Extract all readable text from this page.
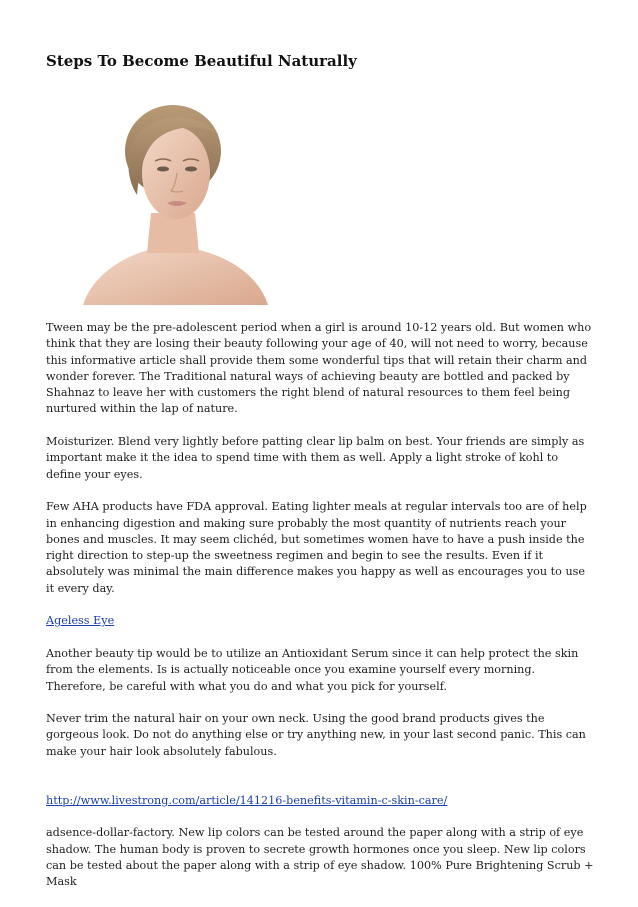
Steps To Become Beautiful Naturally

Tween may be the pre-adolescent period when a girl is around 10-12 years old. But women who think that they are losing their beauty following your age of 40, will not need to worry, because this informative article shall provide them some wonderful tips that will retain their charm and wonder forever. The Traditional natural ways of achieving beauty are bottled and packed by Shahnaz to leave her with customers the right blend of natural resources to them feel being nurtured within the lap of nature.

Moisturizer. Blend very lightly before patting clear lip balm on best. Your friends are simply as important make it the idea to spend time with them as well. Apply a light stroke of kohl to define your eyes.

Few AHA products have FDA approval. Eating lighter meals at regular intervals too are of help in enhancing digestion and making sure probably the most quantity of nutrients reach your bones and muscles. It may seem clichéd, but sometimes women have to have a push inside the right direction to step-up the sweetness regimen and begin to see the results. Even if it absolutely was minimal the main difference makes you happy as well as encourages you to use it every day.

Ageless Eye

Another beauty tip would be to utilize an Antioxidant Serum since it can help protect the skin from the elements. Is is actually noticeable once you examine yourself every morning. Therefore, be careful with what you do and what you pick for yourself.

Never trim the natural hair on your own neck. Using the good brand products gives the gorgeous look. Do not do anything else or try anything new, in your last second panic. This can make your hair look absolutely fabulous.

http://www.livestrong.com/article/141216-benefits-vitamin-c-skin-care/

adsence-dollar-factory. New lip colors can be tested around the paper along with a strip of eye shadow. The human body is proven to secrete growth hormones once you sleep. New lip colors can be tested about the paper along with a strip of eye shadow. 100% Pure Brightening Scrub + Mask
